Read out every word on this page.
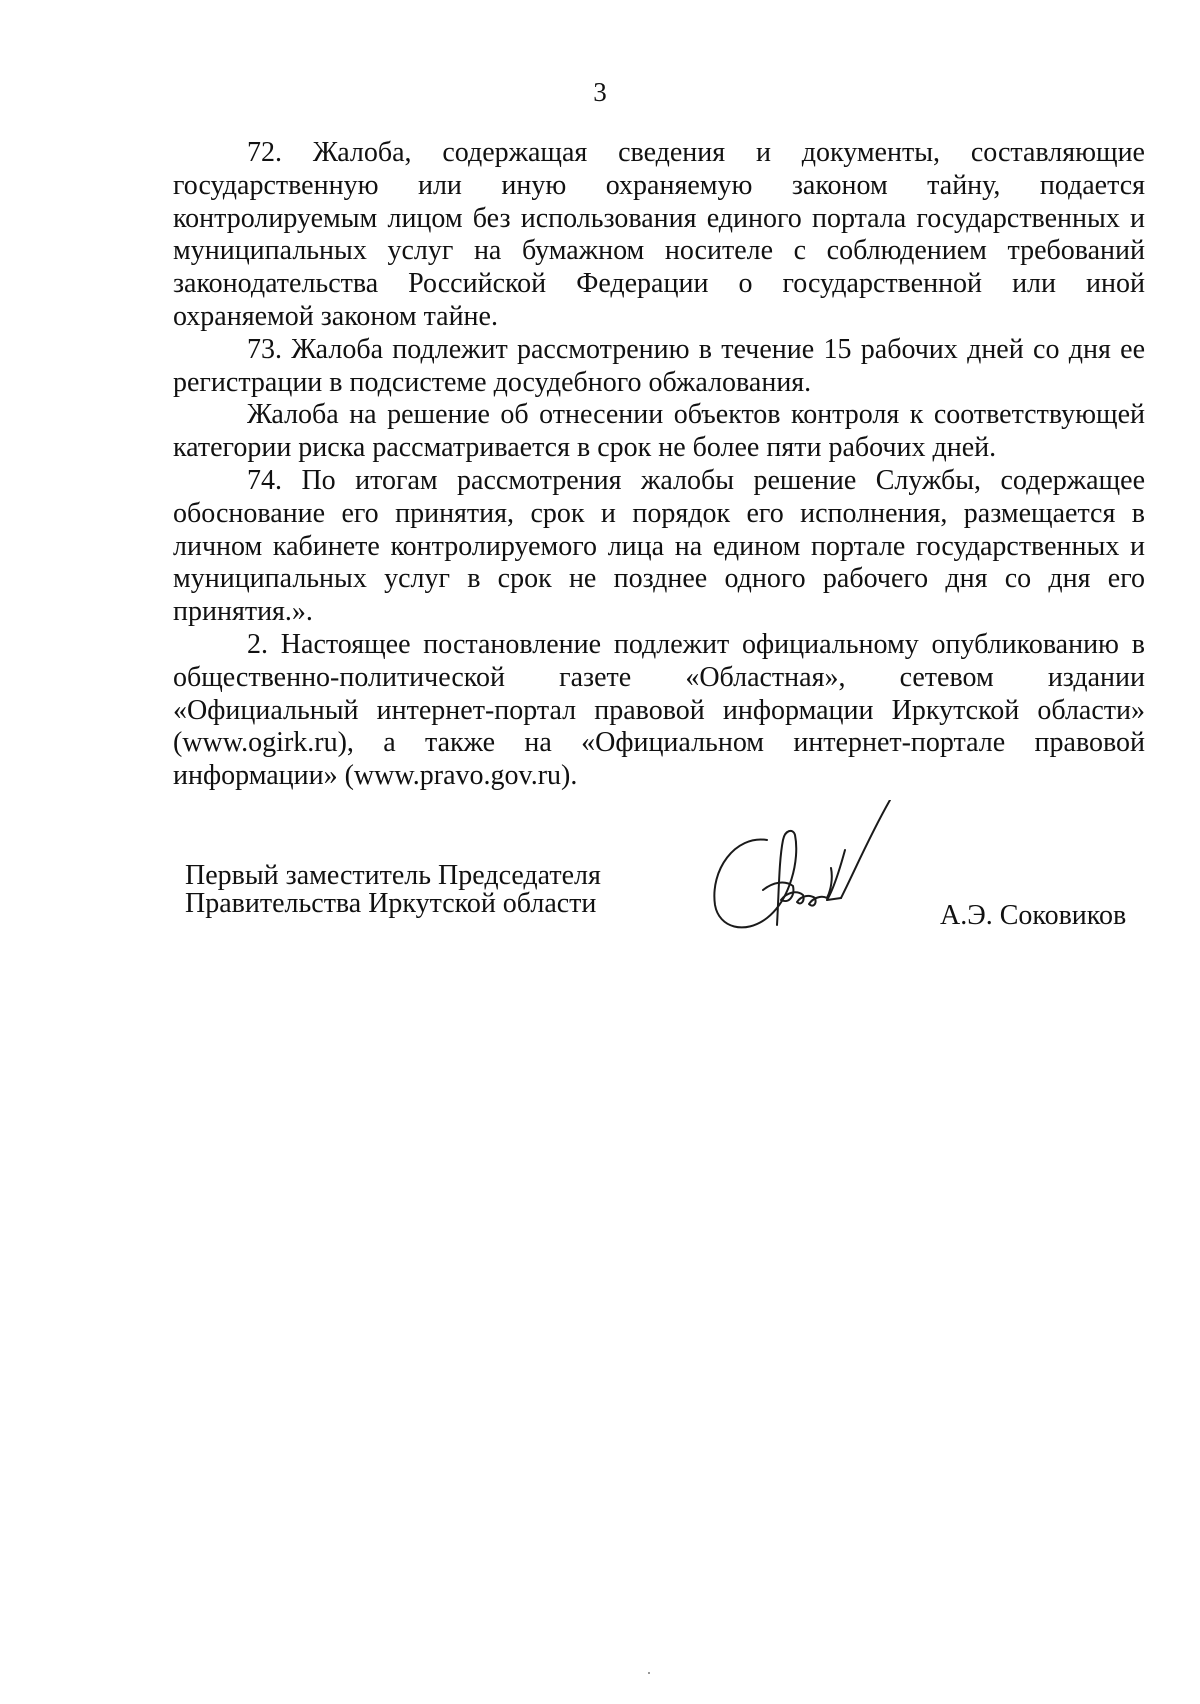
3

72. Жалоба, содержащая сведения и документы, составляющие государственную или иную охраняемую законом тайну, подается контролируемым лицом без использования единого портала государственных и муниципальных услуг на бумажном носителе с соблюдением требований законодательства Российской Федерации о государственной или иной охраняемой законом тайне.

73. Жалоба подлежит рассмотрению в течение 15 рабочих дней со дня ее регистрации в подсистеме досудебного обжалования.

Жалоба на решение об отнесении объектов контроля к соответствующей категории риска рассматривается в срок не более пяти рабочих дней.

74. По итогам рассмотрения жалобы решение Службы, содержащее обоснование его принятия, срок и порядок его исполнения, размещается в личном кабинете контролируемого лица на едином портале государственных и муниципальных услуг в срок не позднее одного рабочего дня со дня его принятия.».

2. Настоящее постановление подлежит официальному опубликованию в общественно-политической газете «Областная», сетевом издании «Официальный интернет-портал правовой информации Иркутской области» (www.ogirk.ru), а также на «Официальном интернет-портале правовой информации» (www.pravo.gov.ru).

Первый заместитель Председателя
Правительства Иркутской области	А.Э. Соковиков
